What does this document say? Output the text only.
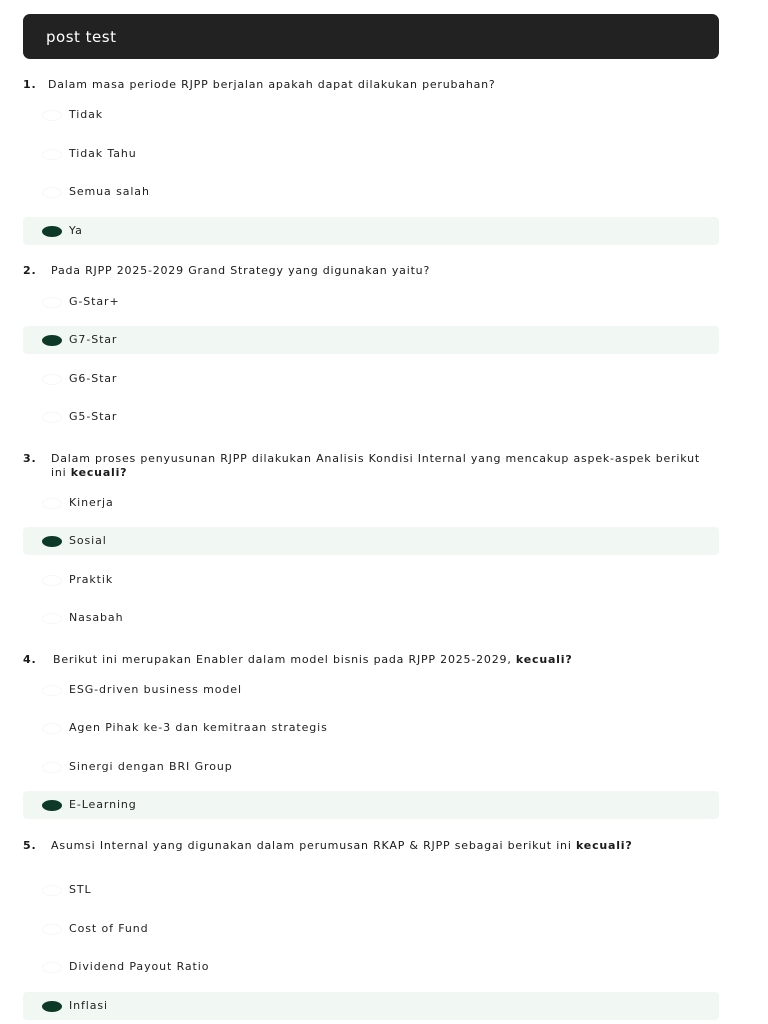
post test
1.	Dalam masa periode RJPP berjalan apakah dapat dilakukan perubahan?
Tidak
Tidak Tahu
Semua salah
Ya
2.	Pada RJPP 2025-2029 Grand Strategy yang digunakan yaitu?
G-Star+
G7-Star
G6-Star
G5-Star
3.	Dalam proses penyusunan RJPP dilakukan Analisis Kondisi Internal yang mencakup aspek-aspek berikut ini kecuali?
Kinerja
Sosial
Praktik
Nasabah
4.	Berikut ini merupakan Enabler dalam model bisnis pada RJPP 2025-2029, kecuali?
ESG-driven business model
Agen Pihak ke-3 dan kemitraan strategis
Sinergi dengan BRI Group
E-Learning
5.	Asumsi Internal yang digunakan dalam perumusan RKAP & RJPP sebagai berikut ini kecuali?
STL
Cost of Fund
Dividend Payout Ratio
Inflasi
